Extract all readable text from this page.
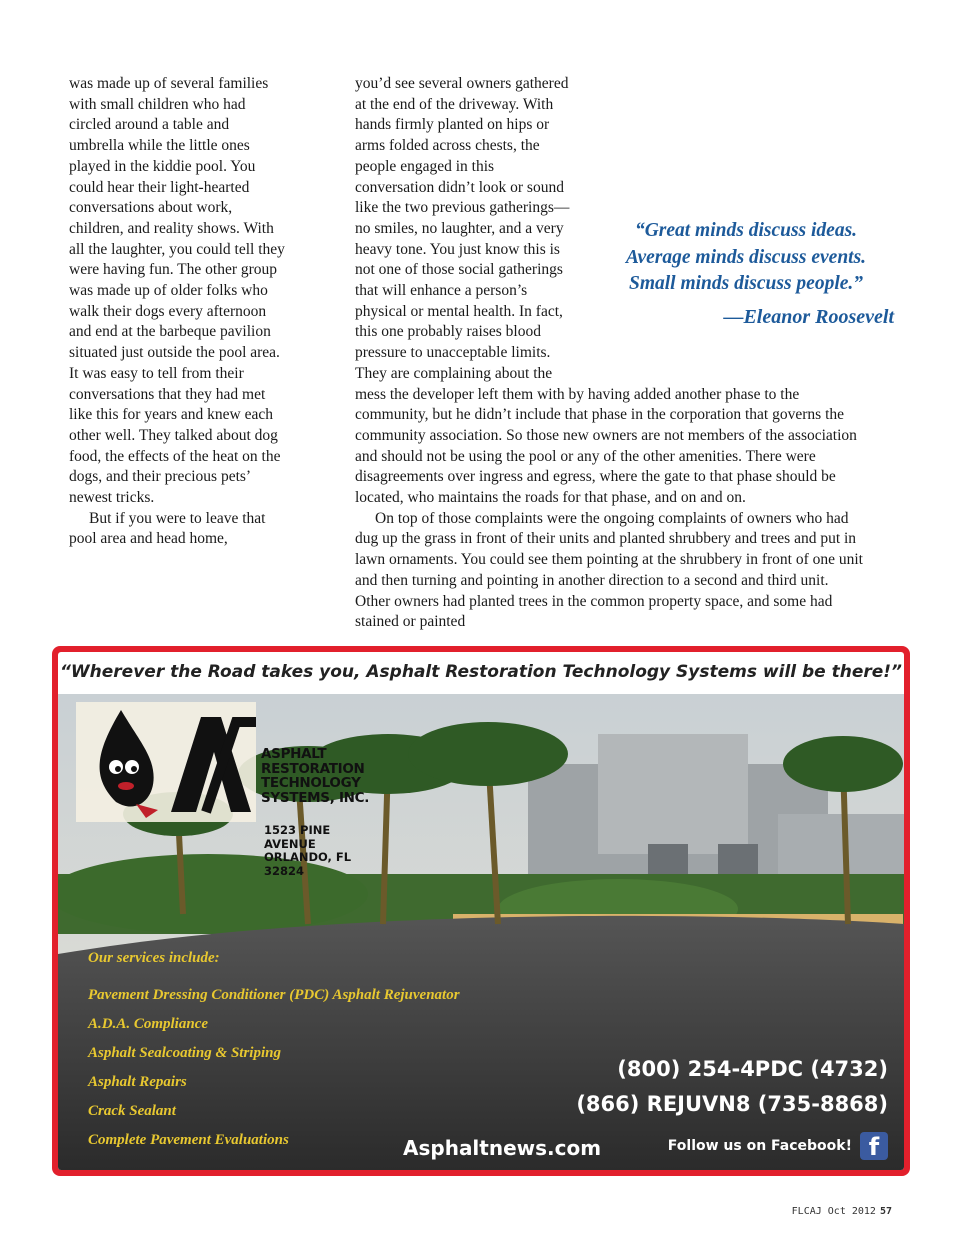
was made up of several families with small children who had circled around a table and umbrella while the little ones played in the kiddie pool. You could hear their light-hearted conversations about work, children, and reality shows. With all the laughter, you could tell they were having fun. The other group was made up of older folks who walk their dogs every afternoon and end at the barbeque pavilion situated just outside the pool area. It was easy to tell from their conversations that they had met like this for years and knew each other well. They talked about dog food, the effects of the heat on the dogs, and their precious pets’ newest tricks.

But if you were to leave that pool area and head home,

you’d see several owners gathered at the end of the driveway. With hands firmly planted on hips or arms folded across chests, the people engaged in this conversation didn’t look or sound like the two previous gatherings—no smiles, no laughter, and a very heavy tone. You just know this is not one of those social gatherings that will enhance a person’s physical or mental health. In fact, this one probably raises blood pressure to unacceptable limits. They are complaining about the mess the developer left them with by having added another phase to the community, but he didn’t include that phase in the corporation that governs the community association. So those new owners are not members of the association and should not be using the pool or any of the other amenities. There were disagreements over ingress and egress, where the gate to that phase should be located, who maintains the roads for that phase, and on and on.

On top of those complaints were the ongoing complaints of owners who had dug up the grass in front of their units and planted shrubbery and trees and put in lawn ornaments. You could see them pointing at the shrubbery in front of one unit and then turning and pointing in another direction to a second and third unit. Other owners had planted trees in the common property space, and some had stained or painted

“Great minds discuss ideas.
Average minds discuss events.
Small minds discuss people.”
—Eleanor Roosevelt
“Wherever the Road takes you, Asphalt Restoration Technology Systems will be there!”
ASPHALT
RESTORATION
TECHNOLOGY
SYSTEMS, INC.
1523 PINE AVENUE
ORLANDO, FL 32824
Our services include:
Pavement Dressing Conditioner (PDC) Asphalt Rejuvenator
A.D.A. Compliance
Asphalt Sealcoating & Striping
Asphalt Repairs
Crack Sealant
Complete Pavement Evaluations
(800) 254-4PDC (4732)
(866) REJUVN8 (735-8868)
Asphaltnews.com	Follow us on Facebook! f
FLCAJ Oct 2012 57
